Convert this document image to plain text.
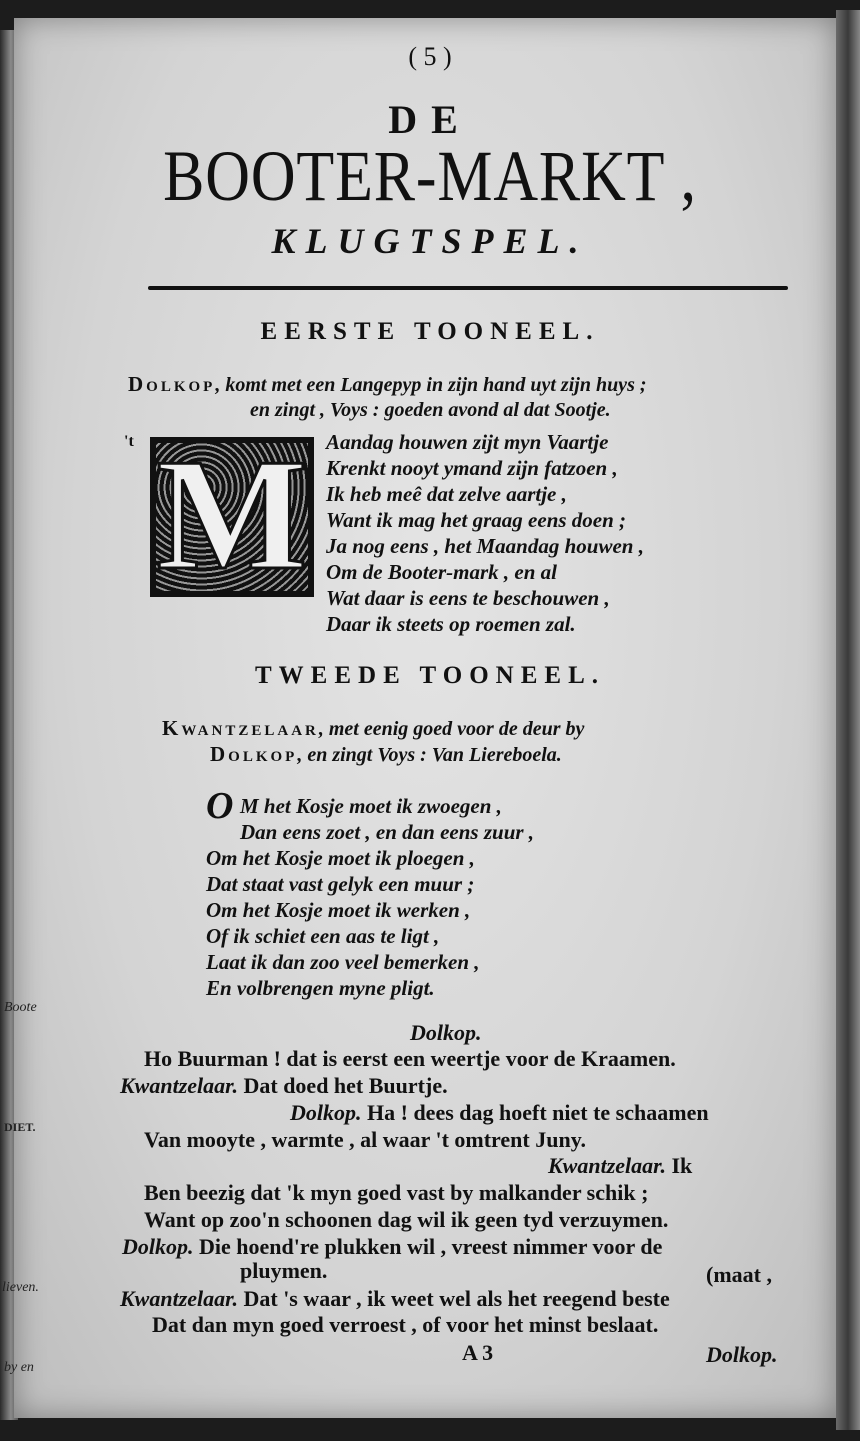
Boote
DIET.
lieven.
by en
( 5 )
DE
BOOTER-MARKT ,
KLUGTSPEL.
EERSTE TOONEEL.
Dolkop, komt met een Langepyp in zijn hand uyt zijn huys ;
en zingt , Voys : goeden avond al dat Sootje.
't M Aandag houwen zijt myn Vaartje
Krenkt nooyt ymand zijn fatzoen ,
Ik heb meê dat zelve aartje ,
Want ik mag het graag eens doen ;
Ja nog eens , het Maandag houwen ,
Om de Booter-mark , en al
Wat daar is eens te beschouwen ,
Daar ik steets op roemen zal.
TWEEDE TOONEEL.
Kwantzelaar, met eenig goed voor de deur by
Dolkop, en zingt Voys : Van Liereboela.
O M het Kosje moet ik zwoegen ,
Dan eens zoet , en dan eens zuur ,
Om het Kosje moet ik ploegen ,
Dat staat vast gelyk een muur ;
Om het Kosje moet ik werken ,
Of ik schiet een aas te ligt ,
Laat ik dan zoo veel bemerken ,
En volbrengen myne pligt.
Dolkop.
Ho Buurman ! dat is eerst een weertje voor de Kraamen.
Kwantzelaar. Dat doed het Buurtje.
Dolkop. Ha ! dees dag hoeft niet te schaamen
Van mooyte , warmte , al waar 't omtrent Juny.
Kwantzelaar. Ik
Ben beezig dat 'k myn goed vast by malkander schik ;
Want op zoo'n schoonen dag wil ik geen tyd verzuymen.
Dolkop. Die hoend're plukken wil , vreest nimmer voor de
pluymen.	(maat ,
Kwantzelaar. Dat 's waar , ik weet wel als het reegend beste
Dat dan myn goed verroest , of voor het minst beslaat.
A 3	Dolkop.
